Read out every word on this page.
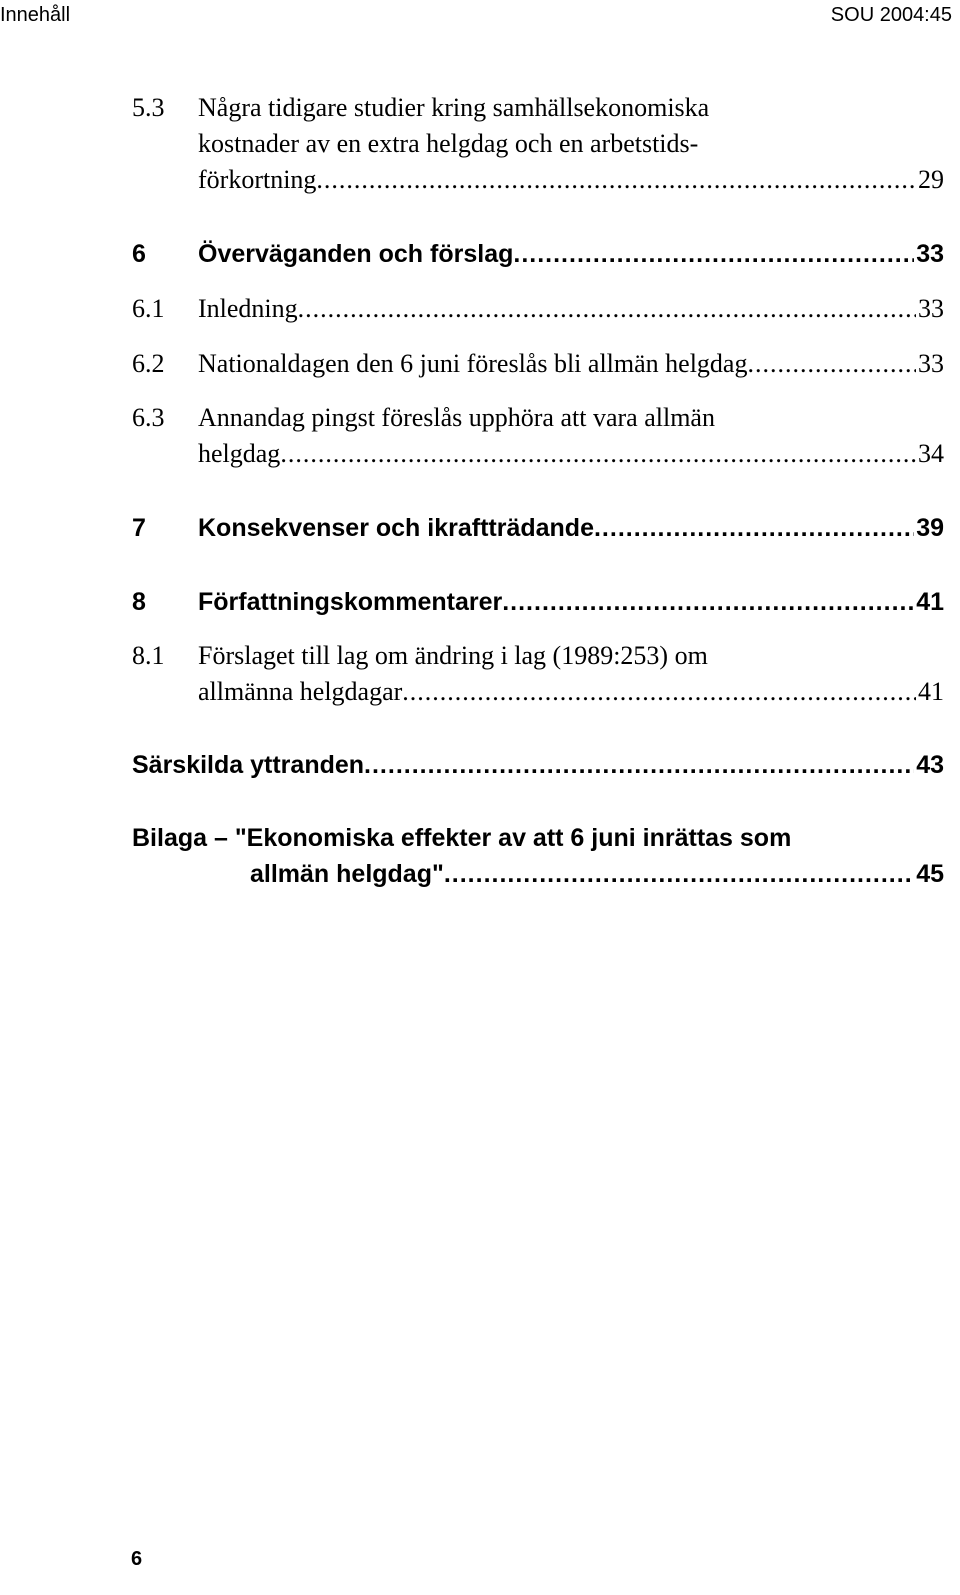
Innehåll	SOU 2004:45
5.3 Några tidigare studier kring samhällsekonomiska
kostnader av en extra helgdag och en arbetstids-
förkortning .....	29
6 Överväganden och förslag .....	33
6.1 Inledning .....	33
6.2 Nationaldagen den 6 juni föreslås bli allmän helgdag .....	33
6.3 Annandag pingst föreslås upphöra att vara allmän
helgdag .....	34
7 Konsekvenser och ikraftträdande .....	39
8 Författningskommentarer .....	41
8.1 Förslaget till lag om ändring i lag (1989:253) om
allmänna helgdagar .....	41
Särskilda yttranden .....	43
Bilaga – "Ekonomiska effekter av att 6 juni inrättas som
allmän helgdag" .....	45
6
